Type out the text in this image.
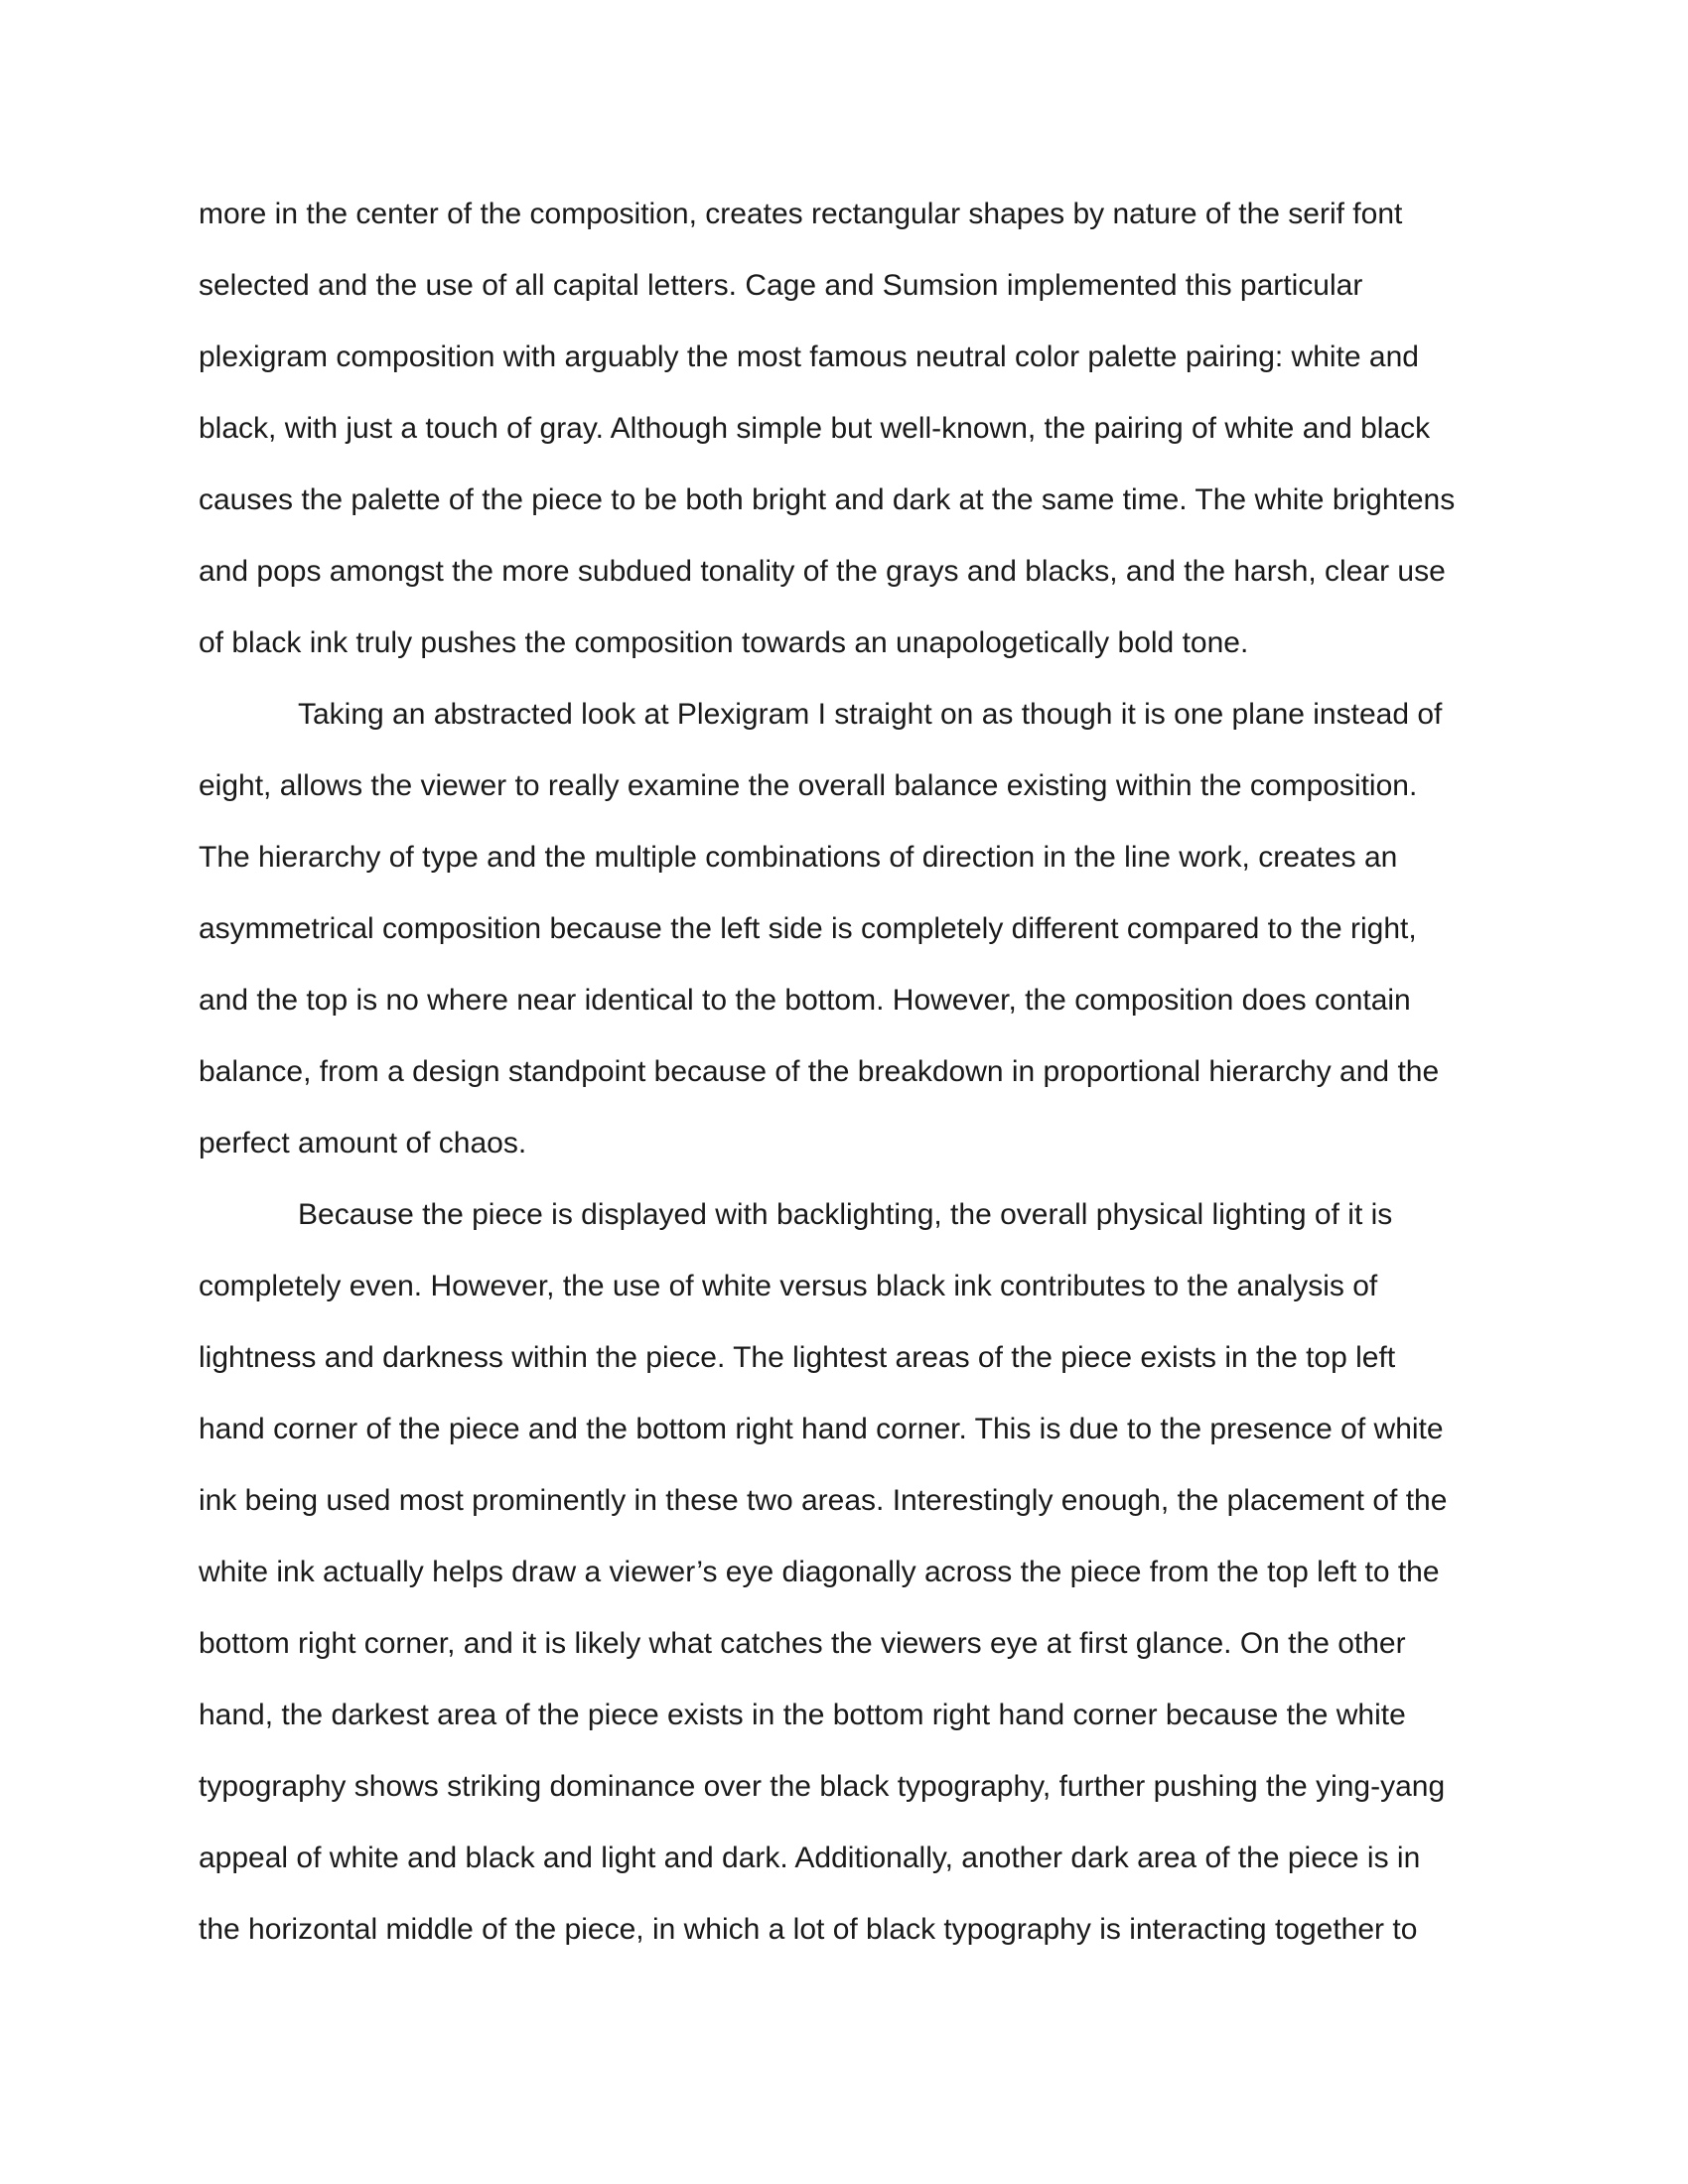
more in the center of the composition, creates rectangular shapes by nature of the serif font

selected and the use of all capital letters. Cage and Sumsion implemented this particular

plexigram composition with arguably the most famous neutral color palette pairing: white and

black, with just a touch of gray. Although simple but well-known, the pairing of white and black

causes the palette of the piece to be both bright and dark at the same time. The white brightens

and pops amongst the more subdued tonality of the grays and blacks, and the harsh, clear use

of black ink truly pushes the composition towards an unapologetically bold tone.

Taking an abstracted look at Plexigram I straight on as though it is one plane instead of

eight, allows the viewer to really examine the overall balance existing within the composition.

The hierarchy of type and the multiple combinations of direction in the line work, creates an

asymmetrical composition because the left side is completely different compared to the right,

and the top is no where near identical to the bottom. However, the composition does contain

balance, from a design standpoint because of the breakdown in proportional hierarchy and the

perfect amount of chaos.

Because the piece is displayed with backlighting, the overall physical lighting of it is

completely even. However, the use of white versus black ink contributes to the analysis of

lightness and darkness within the piece. The lightest areas of the piece exists in the top left

hand corner of the piece and the bottom right hand corner. This is due to the presence of white

ink being used most prominently in these two areas. Interestingly enough, the placement of the

white ink actually helps draw a viewer’s eye diagonally across the piece from the top left to the

bottom right corner, and it is likely what catches the viewers eye at first glance. On the other

hand, the darkest area of the piece exists in the bottom right hand corner because the white

typography shows striking dominance over the black typography, further pushing the ying-yang

appeal of white and black and light and dark. Additionally, another dark area of the piece is in

the horizontal middle of the piece, in which a lot of black typography is interacting together to
